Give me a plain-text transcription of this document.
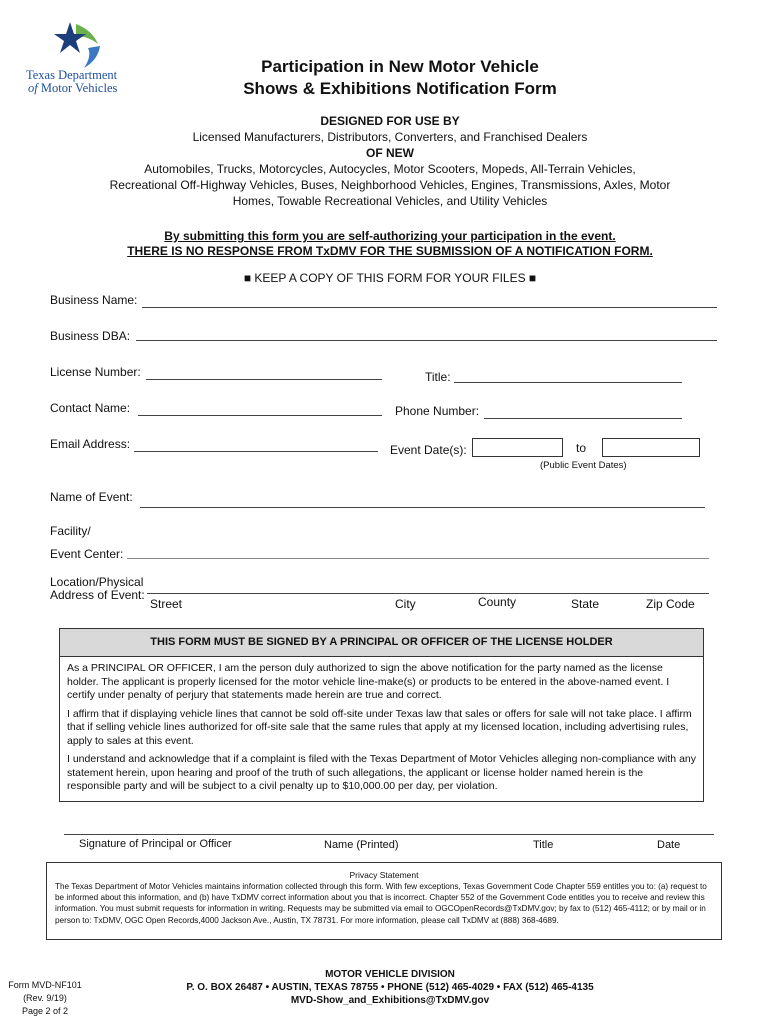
Texas Department
of Motor Vehicles
Participation in New Motor Vehicle
Shows & Exhibitions Notification Form
DESIGNED FOR USE BY
Licensed Manufacturers, Distributors, Converters, and Franchised Dealers
OF NEW
Automobiles, Trucks, Motorcycles, Autocycles, Motor Scooters, Mopeds, All-Terrain Vehicles,
Recreational Off-Highway Vehicles, Buses, Neighborhood Vehicles, Engines, Transmissions, Axles, Motor
Homes, Towable Recreational Vehicles, and Utility Vehicles
By submitting this form you are self-authorizing your participation in the event.
THERE IS NO RESPONSE FROM TxDMV FOR THE SUBMISSION OF A NOTIFICATION FORM.
■ KEEP A COPY OF THIS FORM FOR YOUR FILES ■
Business Name:
Business DBA:
License Number:	Title:
Contact Name:	Phone Number:
Email Address:	Event Date(s):	to
(Public Event Dates)
Name of Event:
Facility/
Event Center:
Location/Physical
Address of Event:
Street	City	County	State	Zip Code
THIS FORM MUST BE SIGNED BY A PRINCIPAL OR OFFICER OF THE LICENSE HOLDER

As a PRINCIPAL OR OFFICER, I am the person duly authorized to sign the above notification for the party named as the license holder. The applicant is properly licensed for the motor vehicle line-make(s) or products to be entered in the above-named event. I certify under penalty of perjury that statements made herein are true and correct.

I affirm that if displaying vehicle lines that cannot be sold off-site under Texas law that sales or offers for sale will not take place. I affirm that if selling vehicle lines authorized for off-site sale that the same rules that apply at my licensed location, including advertising rules, apply to sales at this event.

I understand and acknowledge that if a complaint is filed with the Texas Department of Motor Vehicles alleging non-compliance with any statement herein, upon hearing and proof of the truth of such allegations, the applicant or license holder named herein is the responsible party and will be subject to a civil penalty up to $10,000.00 per day, per violation.

Signature of Principal or Officer	Name (Printed)	Title	Date
Privacy Statement
The Texas Department of Motor Vehicles maintains information collected through this form. With few exceptions, Texas Government Code Chapter 559 entitles you to: (a) request to be informed about this information, and (b) have TxDMV correct information about you that is incorrect. Chapter 552 of the Government Code entitles you to receive and review this information. You must submit requests for information in writing. Requests may be submitted via email to OGCOpenRecords@TxDMV.gov; by fax to (512) 465-4112; or by mail or in person to: TxDMV, OGC Open Records,4000 Jackson Ave., Austin, TX 78731. For more information, please call TxDMV at (888) 368-4689.
Form MVD-NF101
(Rev. 9/19)
Page 2 of 2
MOTOR VEHICLE DIVISION
P. O. BOX 26487 • AUSTIN, TEXAS 78755 • PHONE (512) 465-4029 • FAX (512) 465-4135
MVD-Show_and_Exhibitions@TxDMV.gov
